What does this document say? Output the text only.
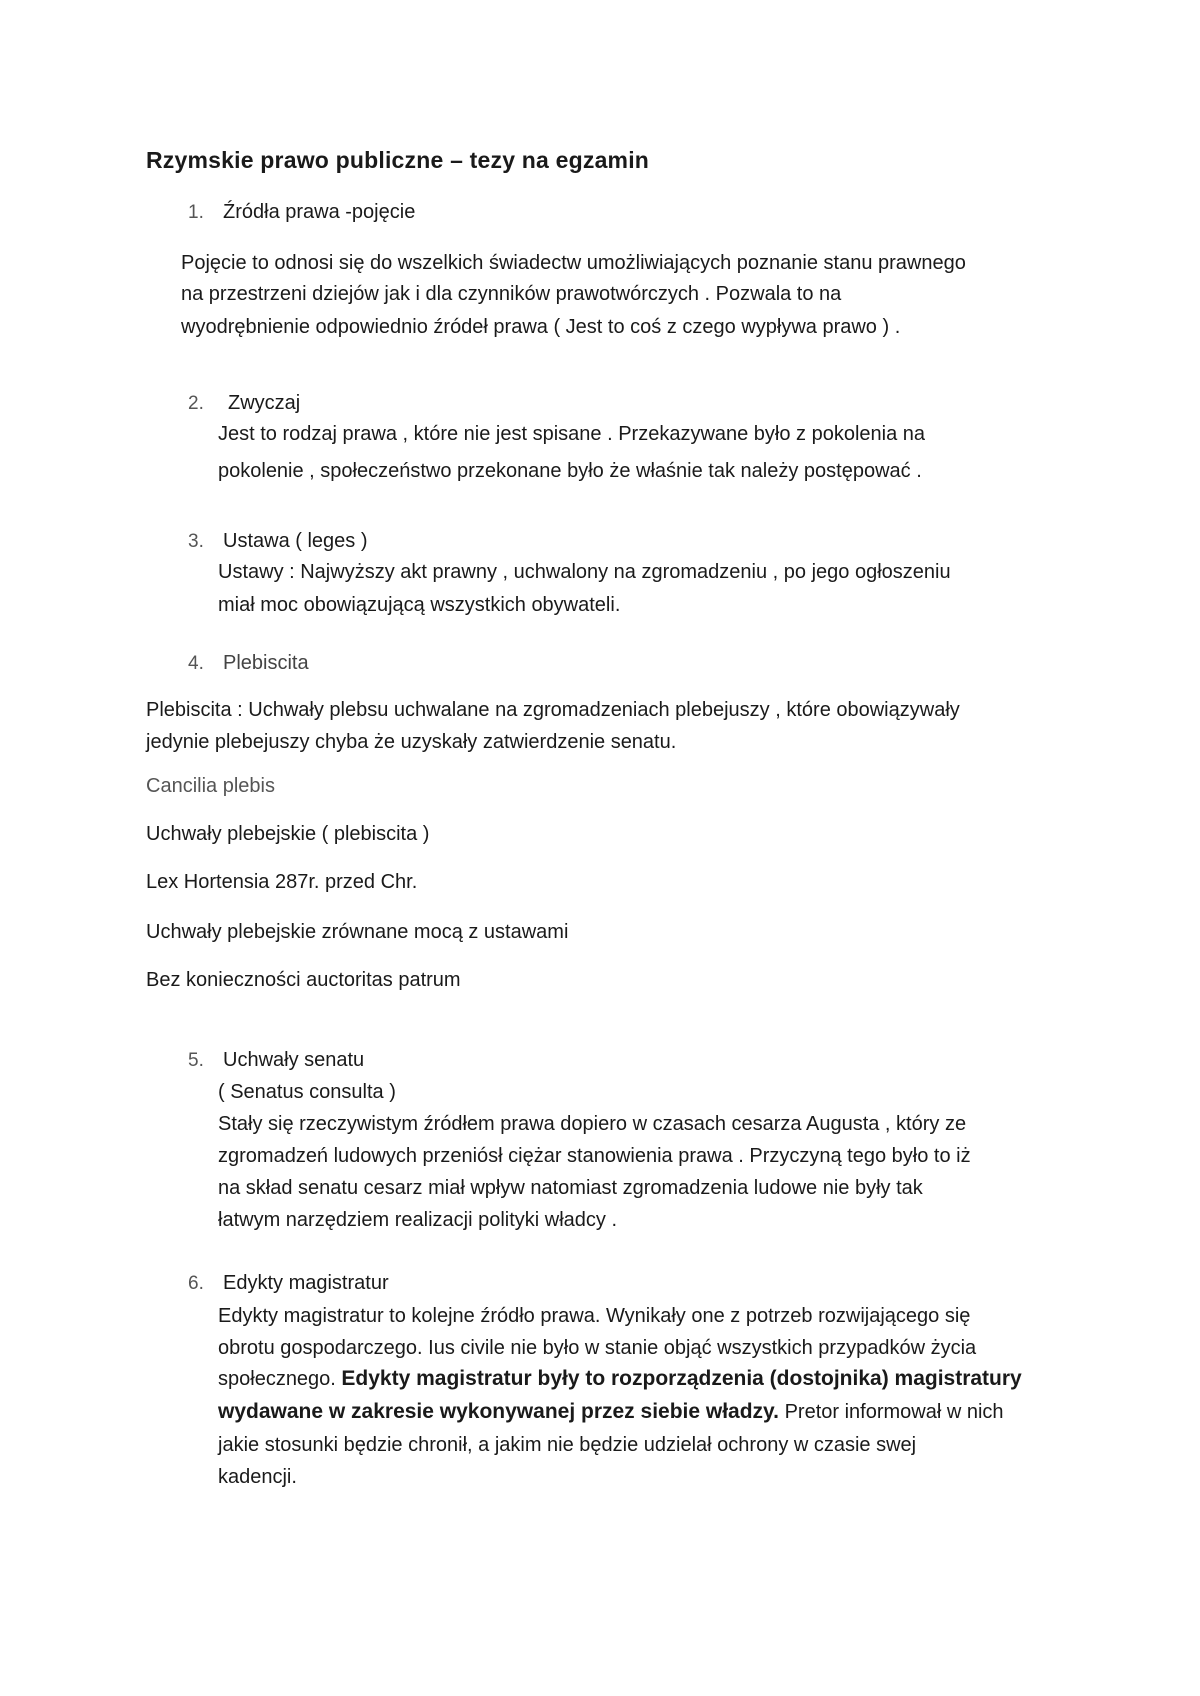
Rzymskie prawo publiczne – tezy na egzamin

1. Źródła prawa -pojęcie

Pojęcie to odnosi się do wszelkich świadectw umożliwiających poznanie stanu prawnego

na przestrzeni dziejów jak i dla czynników prawotwórczych . Pozwala to na

wyodrębnienie odpowiednio źródeł prawa ( Jest to coś z czego wypływa prawo ) .

2. Zwyczaj

Jest to rodzaj prawa , które nie jest spisane . Przekazywane było z pokolenia na

pokolenie , społeczeństwo przekonane było że właśnie tak należy postępować .

3. Ustawa ( leges )

Ustawy : Najwyższy akt prawny , uchwalony na zgromadzeniu , po jego ogłoszeniu

miał moc obowiązującą wszystkich obywateli.

4. Plebiscita

Plebiscita : Uchwały plebsu uchwalane na zgromadzeniach plebejuszy , które obowiązywały

jedynie plebejuszy chyba że uzyskały zatwierdzenie senatu.

Cancilia plebis

Uchwały plebejskie ( plebiscita )

Lex Hortensia 287r. przed Chr.

Uchwały plebejskie zrównane mocą z ustawami

Bez konieczności auctoritas patrum

5. Uchwały senatu

( Senatus consulta )

Stały się rzeczywistym źródłem prawa dopiero w czasach cesarza Augusta , który ze

zgromadzeń ludowych przeniósł ciężar stanowienia prawa . Przyczyną tego było to iż

na skład senatu cesarz miał wpływ natomiast zgromadzenia ludowe nie były tak

łatwym narzędziem realizacji polityki władcy .

6. Edykty magistratur

Edykty magistratur to kolejne źródło prawa. Wynikały one z potrzeb rozwijającego się

obrotu gospodarczego. Ius civile nie było w stanie objąć wszystkich przypadków życia

społecznego. Edykty magistratur były to rozporządzenia (dostojnika) magistratury

wydawane w zakresie wykonywanej przez siebie władzy. Pretor informował w nich

jakie stosunki będzie chronił, a jakim nie będzie udzielał ochrony w czasie swej

kadencji.
